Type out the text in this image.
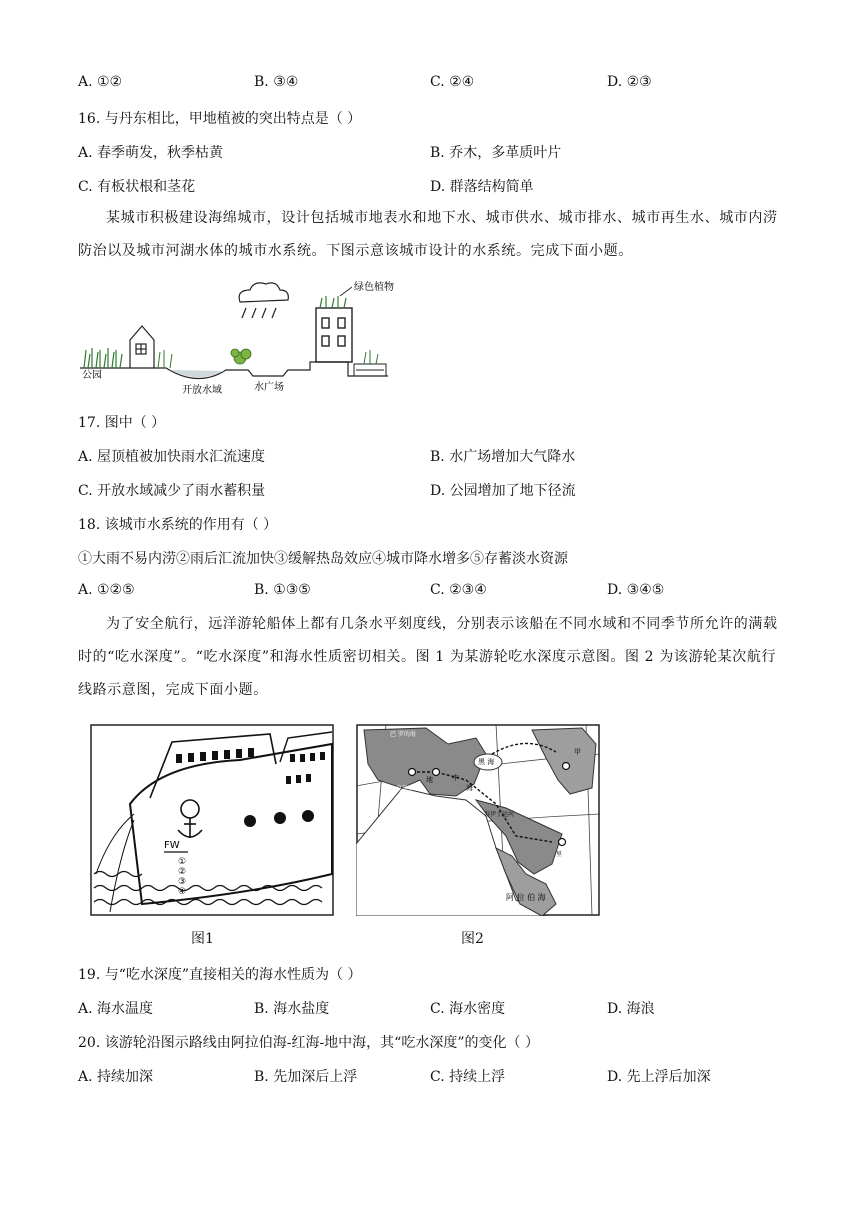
A. ①②	B. ③④	C. ②④	D. ②③
16. 与丹东相比，甲地植被的突出特点是（ ）
A. 春季萌发，秋季枯黄	B. 乔木，多革质叶片
C. 有板状根和茎花	D. 群落结构简单
某城市积极建设海绵城市，设计包括城市地表水和地下水、城市供水、城市排水、城市再生水、城市内涝防治以及城市河湖水体的城市水系统。下图示意该城市设计的水系统。完成下面小题。
绿色植物
公园
开放水域	水广场
17. 图中（ ）
A. 屋顶植被加快雨水汇流速度	B. 水广场增加大气降水
C. 开放水域减少了雨水蓄积量	D. 公园增加了地下径流
18. 该城市水系统的作用有（ ）
①大雨不易内涝②雨后汇流加快③缓解热岛效应④城市降水增多⑤存蓄淡水资源
A. ①②⑤	B. ①③⑤	C. ②③④	D. ③④⑤
为了安全航行，远洋游轮船体上都有几条水平刻度线，分别表示该船在不同水域和不同季节所允许的满载时的“吃水深度”。“吃水深度”和海水性质密切相关。图 1 为某游轮吃水深度示意图。图 2 为该游轮某次航行线路示意图，完成下面小题。
FW
①
②
③
④
图1
巴 罗的海
黑 海
地	中
海
克里亚
苏伊士运河
甲
里
阿 拉 伯 海
图2
19. 与“吃水深度”直接相关的海水性质为（ ）
A. 海水温度	B. 海水盐度	C. 海水密度	D. 海浪
20. 该游轮沿图示路线由阿拉伯海-红海-地中海，其“吃水深度”的变化（ ）
A. 持续加深	B. 先加深后上浮	C. 持续上浮	D. 先上浮后加深
